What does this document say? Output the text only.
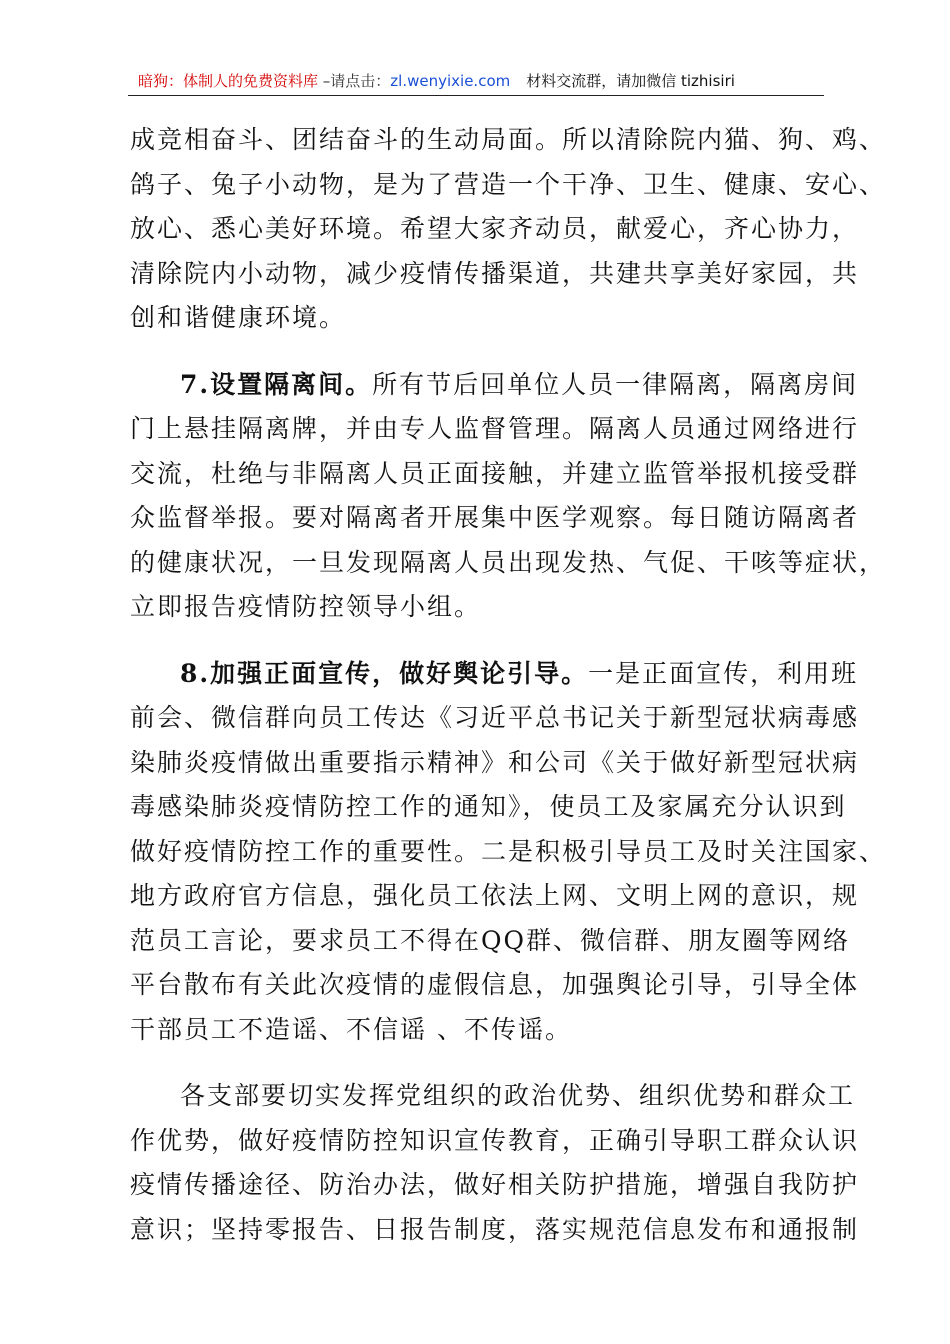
暗狗：体制人的免费资料库 –请点击：zl.wenyixie.com 材料交流群，请加微信 tizhisiri
成竞相奋斗、团结奋斗的生动局面。所以清除院内猫、狗、鸡、
鸽子、兔子小动物，是为了营造一个干净、卫生、健康、安心、
放心、悉心美好环境。希望大家齐动员，献爱心，齐心协力，
清除院内小动物，减少疫情传播渠道，共建共享美好家园，共
创和谐健康环境。
7.设置隔离间。所有节后回单位人员一律隔离，隔离房间
门上悬挂隔离牌，并由专人监督管理。隔离人员通过网络进行
交流，杜绝与非隔离人员正面接触，并建立监管举报机接受群
众监督举报。要对隔离者开展集中医学观察。每日随访隔离者
的健康状况，一旦发现隔离人员出现发热、气促、干咳等症状，
立即报告疫情防控领导小组。
8.加强正面宣传，做好舆论引导。一是正面宣传，利用班
前会、微信群向员工传达《习近平总书记关于新型冠状病毒感
染肺炎疫情做出重要指示精神》和公司《关于做好新型冠状病
毒感染肺炎疫情防控工作的通知》，使员工及家属充分认识到
做好疫情防控工作的重要性。二是积极引导员工及时关注国家、
地方政府官方信息，强化员工依法上网、文明上网的意识，规
范员工言论，要求员工不得在QQ群、微信群、朋友圈等网络
平台散布有关此次疫情的虚假信息，加强舆论引导，引导全体
干部员工不造谣、不信谣 、不传谣。
各支部要切实发挥党组织的政治优势、组织优势和群众工
作优势，做好疫情防控知识宣传教育，正确引导职工群众认识
疫情传播途径、防治办法，做好相关防护措施，增强自我防护
意识；坚持零报告、日报告制度，落实规范信息发布和通报制
